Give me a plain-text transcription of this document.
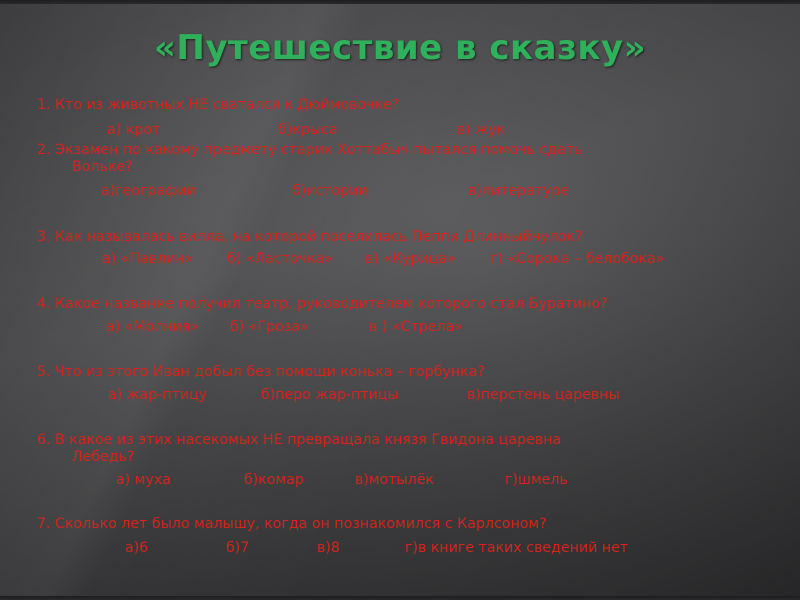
«Путешествие в сказку»
1. Кто из животных НЕ сватался к Дюймовочке?
а) крот	б)крыса	в) жук
2. Экзамен по какому предмету старик Хоттабыч пытался помочь сдать
Вольке?
а)географии	б)истории	в)литературе
3. Как называлась вилла, на которой поселилась Пеппи Длинныйчулок?
а) «Павлин» б) «Ласточка» в) «Курица» г) «Сорока – белобока»
4. Какое название получил театр, руководителем которого стал Буратино?
а) «Молния» б) «Гроза»	в ) «Стрела»
5. Что из этого Иван добыл без помощи конька – горбунка?
а) жар-птицу	б)перо жар-птицы	в)перстень царевны
6. В какое из этих насекомых НЕ превращала князя Гвидона царевна
Лебедь?
а) муха	б)комар	в)мотылёк	г)шмель
7. Сколько лет было малышу, когда он познакомился с Карлсоном?
а)6	б)7	в)8	г)в книге таких сведений нет
